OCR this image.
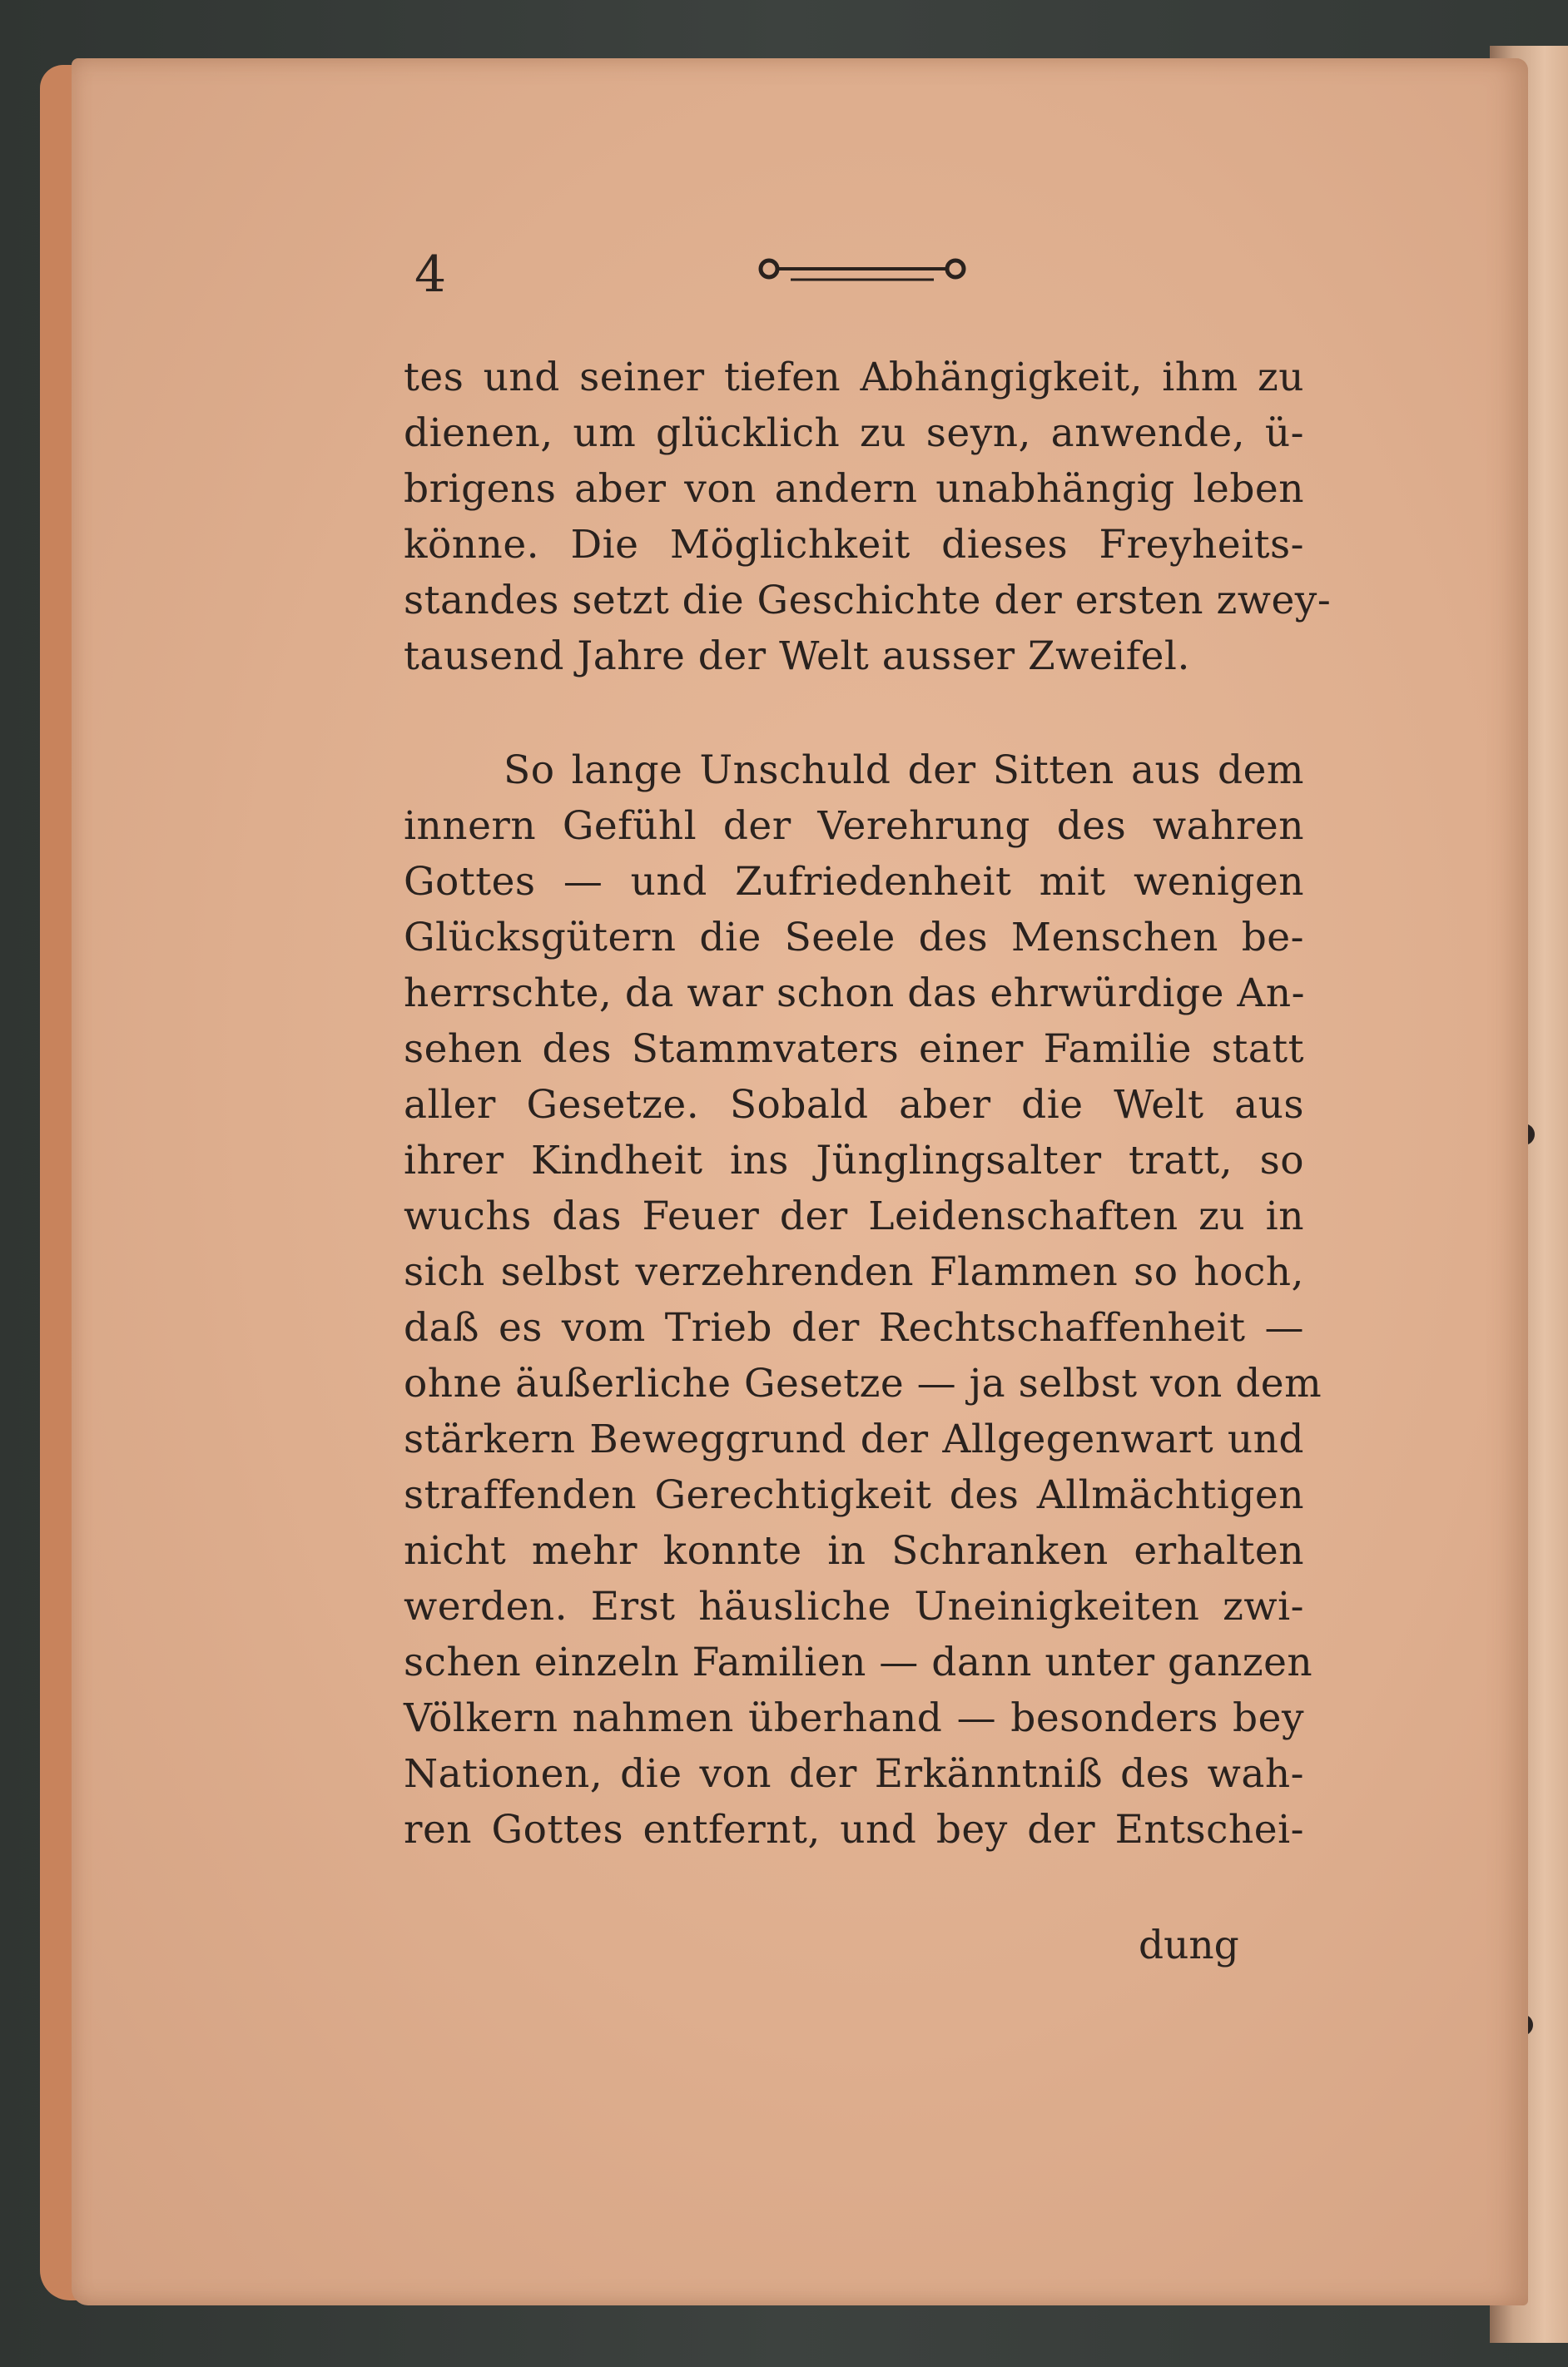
4
tes und seiner tiefen Abhängigkeit, ihm zu
dienen, um glücklich zu seyn, anwende, ü-
brigens aber von andern unabhängig leben
könne. Die Möglichkeit dieses Freyheits-
standes setzt die Geschichte der ersten zwey-
tausend Jahre der Welt ausser Zweifel.
So lange Unschuld der Sitten aus dem
innern Gefühl der Verehrung des wahren
Gottes — und Zufriedenheit mit wenigen
Glücksgütern die Seele des Menschen be-
herrschte, da war schon das ehrwürdige An-
sehen des Stammvaters einer Familie statt
aller Gesetze. Sobald aber die Welt aus
ihrer Kindheit ins Jünglingsalter tratt, so
wuchs das Feuer der Leidenschaften zu in
sich selbst verzehrenden Flammen so hoch,
daß es vom Trieb der Rechtschaffenheit —
ohne äußerliche Gesetze — ja selbst von dem
stärkern Beweggrund der Allgegenwart und
straffenden Gerechtigkeit des Allmächtigen
nicht mehr konnte in Schranken erhalten
werden. Erst häusliche Uneinigkeiten zwi-
schen einzeln Familien — dann unter ganzen
Völkern nahmen überhand — besonders bey
Nationen, die von der Erkänntniß des wah-
ren Gottes entfernt, und bey der Entschei-
dung
